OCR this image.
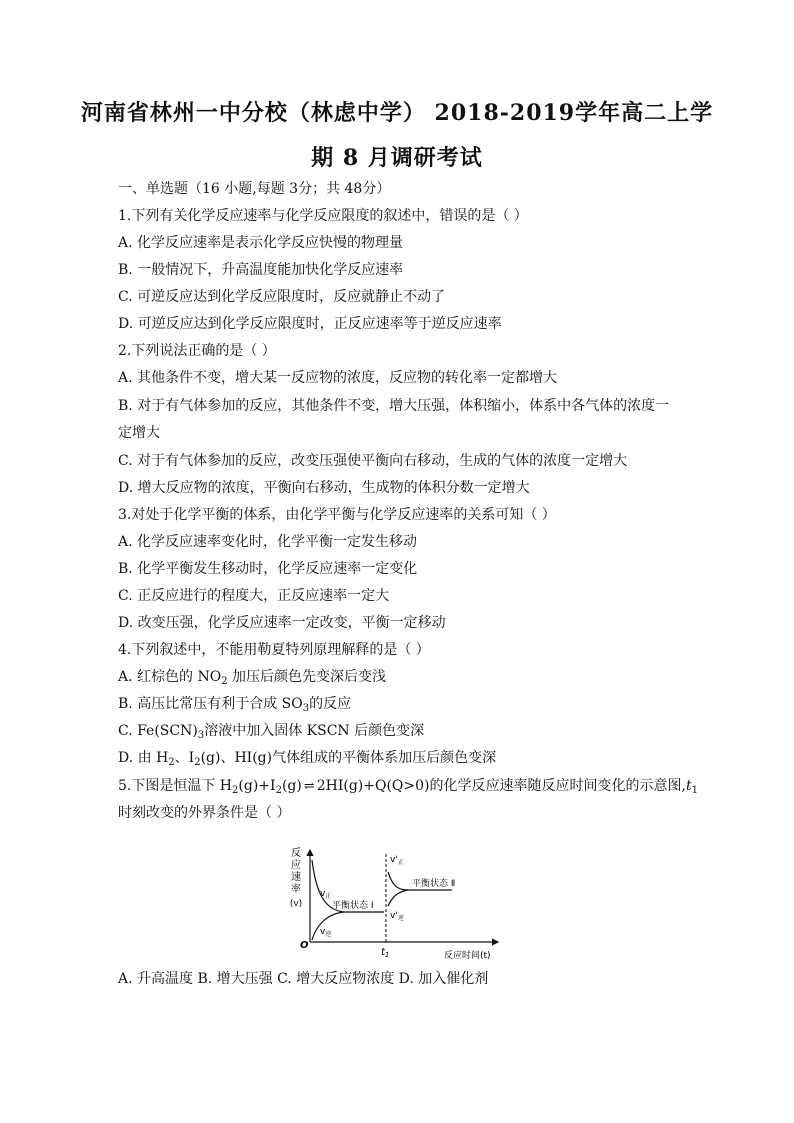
河南省林州一中分校（林虑中学） 2018-2019学年高二上学
期 8 月调研考试
一、单选题（16 小题,每题 3分；共 48分）
1.下列有关化学反应速率与化学反应限度的叙述中，错误的是（ ）
A. 化学反应速率是表示化学反应快慢的物理量
B. 一般情况下，升高温度能加快化学反应速率
C. 可逆反应达到化学反应限度时，反应就静止不动了
D. 可逆反应达到化学反应限度时，正反应速率等于逆反应速率
2.下列说法正确的是（ ）
A. 其他条件不变，增大某一反应物的浓度，反应物的转化率一定都增大
B. 对于有气体参加的反应，其他条件不变，增大压强，体积缩小，体系中各气体的浓度一
定增大
C. 对于有气体参加的反应，改变压强使平衡向右移动，生成的气体的浓度一定增大
D. 增大反应物的浓度，平衡向右移动，生成物的体积分数一定增大
3.对处于化学平衡的体系，由化学平衡与化学反应速率的关系可知（ ）
A. 化学反应速率变化时，化学平衡一定发生移动
B. 化学平衡发生移动时，化学反应速率一定变化
C. 正反应进行的程度大，正反应速率一定大
D. 改变压强，化学反应速率一定改变，平衡一定移动
4.下列叙述中，不能用勒夏特列原理解释的是（ ）
A. 红棕色的 $NO_2$ 加压后颜色先变深后变浅
B. 高压比常压有利于合成 $SO_3$的反应
C. $Fe(SCN)_3$溶液中加入固体 KSCN 后颜色变深
D. 由 $H_2$、$I_2(g)$、HI(g)气体组成的平衡体系加压后颜色变深
5.下图是恒温下 $H_2(g)+I_2(g)$ ⇌ 2HI(g)+Q(Q>0)的化学反应速率随反应时间变化的示意图$,t_1$
时刻改变的外界条件是（ ）
反
应
速
率
(v)
O
反应时间(t)
$v_正$
$v_逆$
$v'_正$
$v'_逆$
平衡状态 Ⅰ
平衡状态 Ⅱ
$t_1$
A. 升高温度 B. 增大压强 C. 增大反应物浓度 D. 加入催化剂
